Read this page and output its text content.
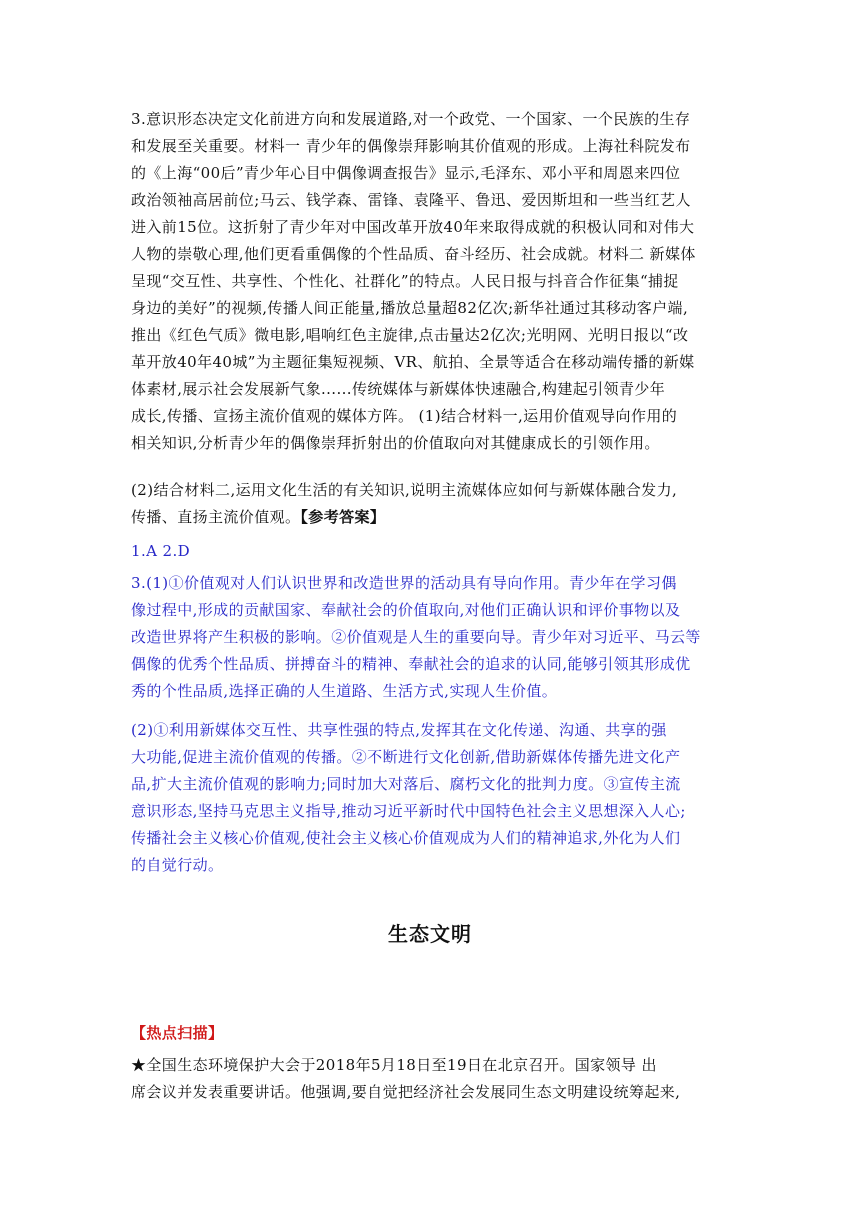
3.意识形态决定文化前进方向和发展道路,对一个政党、一个国家、一个民族的生存
和发展至关重要。材料一 青少年的偶像崇拜影响其价值观的形成。上海社科院发布
的《上海“00后”青少年心目中偶像调查报告》显示,毛泽东、邓小平和周恩来四位
政治领袖高居前位;马云、钱学森、雷锋、袁隆平、鲁迅、爱因斯坦和一些当红艺人
进入前15位。这折射了青少年对中国改革开放40年来取得成就的积极认同和对伟大
人物的崇敬心理,他们更看重偶像的个性品质、奋斗经历、社会成就。材料二 新媒体
呈现“交互性、共享性、个性化、社群化”的特点。人民日报与抖音合作征集“捕捉
身边的美好”的视频,传播人间正能量,播放总量超82亿次;新华社通过其移动客户端,
推出《红色气质》微电影,唱响红色主旋律,点击量达2亿次;光明网、光明日报以“改
革开放40年40城”为主题征集短视频、VR、航拍、全景等适合在移动端传播的新媒
体素材,展示社会发展新气象......传统媒体与新媒体快速融合,构建起引领青少年
成长,传播、宣扬主流价值观的媒体方阵。 (1)结合材料一,运用价值观导向作用的
相关知识,分析青少年的偶像崇拜折射出的价值取向对其健康成长的引领作用。
(2)结合材料二,运用文化生活的有关知识,说明主流媒体应如何与新媒体融合发力,
传播、直扬主流价值观。【参考答案】
1.A 2.D
3.(1)①价值观对人们认识世界和改造世界的活动具有导向作用。青少年在学习偶
像过程中,形成的贡献国家、奉献社会的价值取向,对他们正确认识和评价事物以及
改造世界将产生积极的影响。②价值观是人生的重要向导。青少年对习近平、马云等
偶像的优秀个性品质、拼搏奋斗的精神、奉献社会的追求的认同,能够引领其形成优
秀的个性品质,选择正确的人生道路、生活方式,实现人生价值。
(2)①利用新媒体交互性、共享性强的特点,发挥其在文化传递、沟通、共享的强
大功能,促进主流价值观的传播。②不断进行文化创新,借助新媒体传播先进文化产
品,扩大主流价值观的影响力;同时加大对落后、腐朽文化的批判力度。③宣传主流
意识形态,坚持马克思主义指导,推动习近平新时代中国特色社会主义思想深入人心;
传播社会主义核心价值观,使社会主义核心价值观成为人们的精神追求,外化为人们
的自觉行动。
生态文明
【热点扫描】
★全国生态环境保护大会于2018年5月18日至19日在北京召开。国家领导 出
席会议并发表重要讲话。他强调,要自觉把经济社会发展同生态文明建设统筹起来,
